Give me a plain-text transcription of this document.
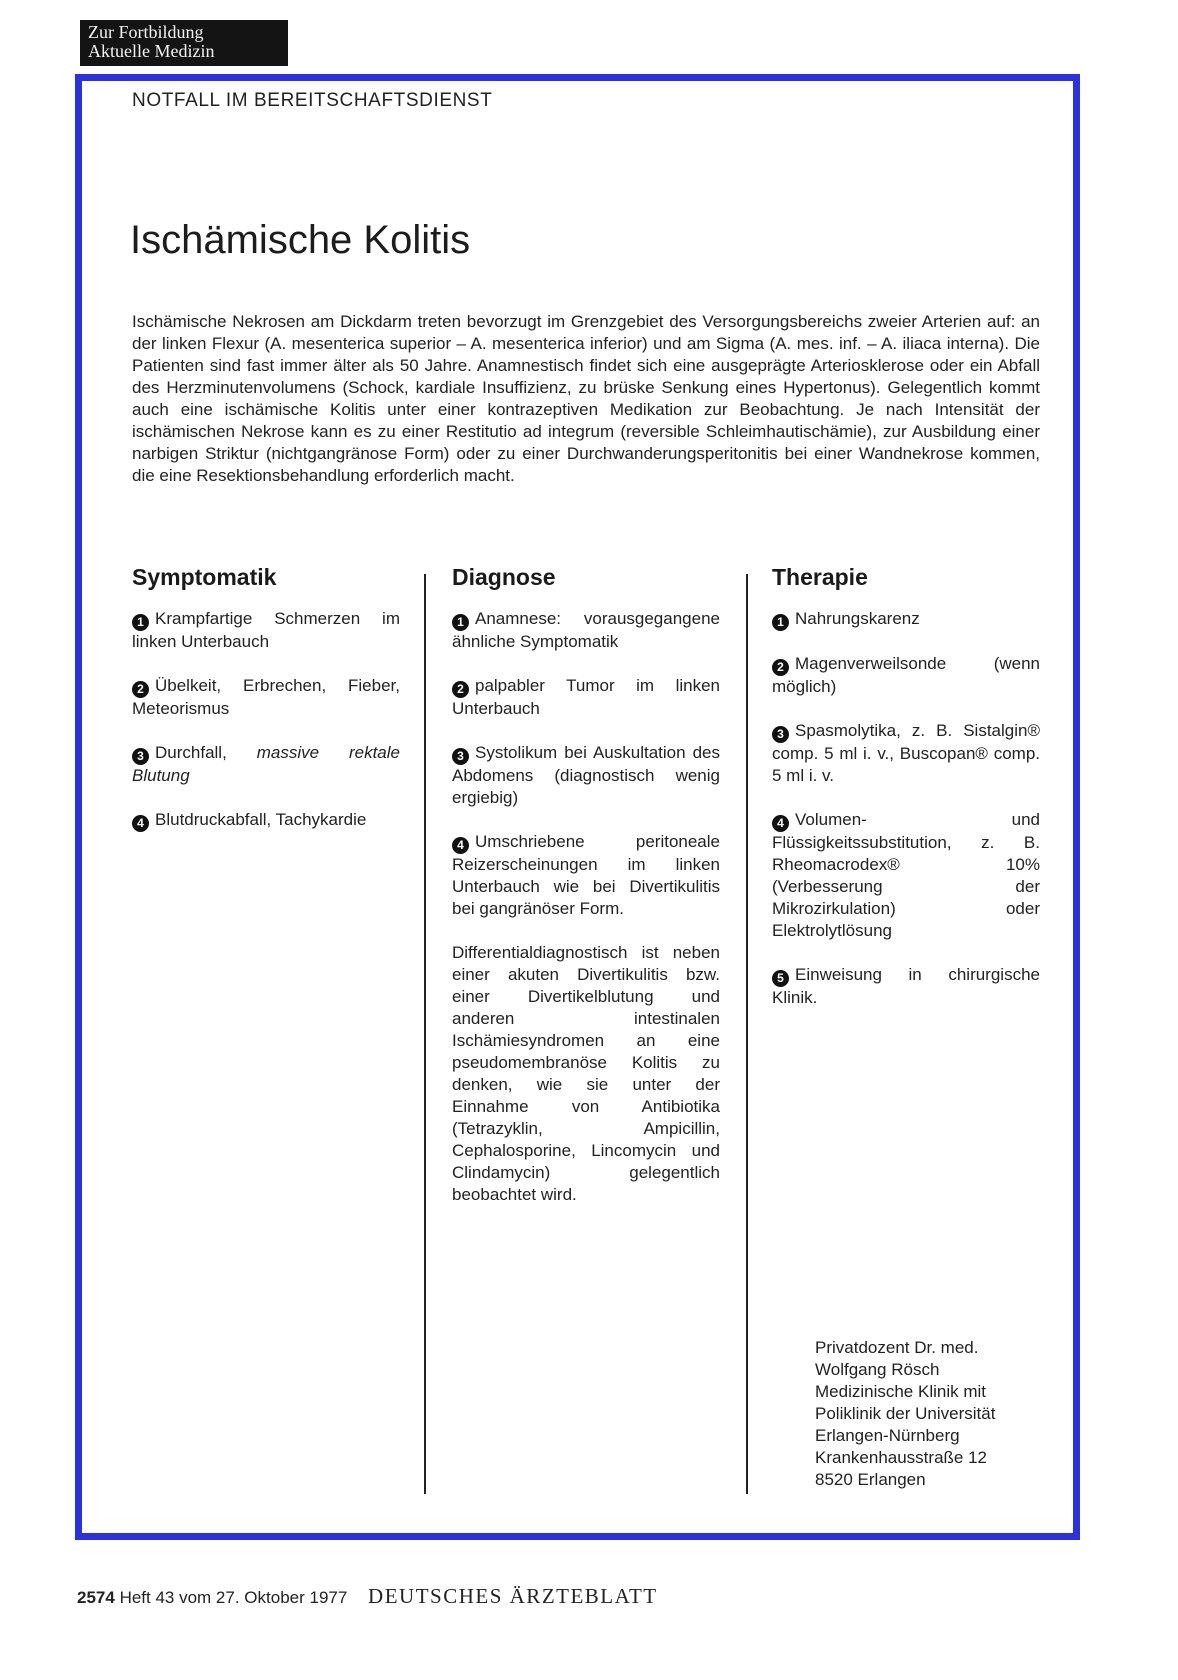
Zur Fortbildung
Aktuelle Medizin
NOTFALL IM BEREITSCHAFTSDIENST
Ischämische Kolitis

Ischämische Nekrosen am Dickdarm treten bevorzugt im Grenzgebiet des Versorgungsbereichs zweier Arterien auf: an der linken Flexur (A. mesenterica superior – A. mesenterica inferior) und am Sigma (A. mes. inf. – A. iliaca interna). Die Patienten sind fast immer älter als 50 Jahre. Anamnestisch findet sich eine ausgeprägte Arteriosklerose oder ein Abfall des Herzminutenvolumens (Schock, kardiale Insuffizienz, zu brüske Senkung eines Hypertonus). Gelegentlich kommt auch eine ischämische Kolitis unter einer kontrazeptiven Medikation zur Beobachtung. Je nach Intensität der ischämischen Nekrose kann es zu einer Restitutio ad integrum (reversible Schleimhautischämie), zur Ausbildung einer narbigen Striktur (nichtgangränose Form) oder zu einer Durchwanderungsperitonitis bei einer Wandnekrose kommen, die eine Resektionsbehandlung erforderlich macht.

Symptomatik
1 Krampfartige Schmerzen im linken Unterbauch
2 Übelkeit, Erbrechen, Fieber, Meteorismus
3 Durchfall, massive rektale Blutung
4 Blutdruckabfall, Tachykardie
Diagnose
1 Anamnese: vorausgegangene ähnliche Symptomatik
2 palpabler Tumor im linken Unterbauch
3 Systolikum bei Auskultation des Abdomens (diagnostisch wenig ergiebig)
4 Umschriebene peritoneale Reizerscheinungen im linken Unterbauch wie bei Divertikulitis bei gangränöser Form.
Differentialdiagnostisch ist neben einer akuten Divertikulitis bzw. einer Divertikelblutung und anderen intestinalen Ischämiesyndromen an eine pseudomembranöse Kolitis zu denken, wie sie unter der Einnahme von Antibiotika (Tetrazyklin, Ampicillin, Cephalosporine, Lincomycin und Clindamycin) gelegentlich beobachtet wird.
Therapie
1 Nahrungskarenz
2 Magenverweilsonde (wenn möglich)
3 Spasmolytika, z. B. Sistalgin® comp. 5 ml i. v., Buscopan® comp. 5 ml i. v.
4 Volumen- und Flüssigkeitssubstitution, z. B. Rheomacrodex® 10% (Verbesserung der Mikrozirkulation) oder Elektrolytlösung
5 Einweisung in chirurgische Klinik.
Privatdozent Dr. med.
Wolfgang Rösch
Medizinische Klinik mit
Poliklinik der Universität
Erlangen-Nürnberg
Krankenhausstraße 12
8520 Erlangen
2574 Heft 43 vom 27. Oktober 1977 DEUTSCHES ÄRZTEBLATT
